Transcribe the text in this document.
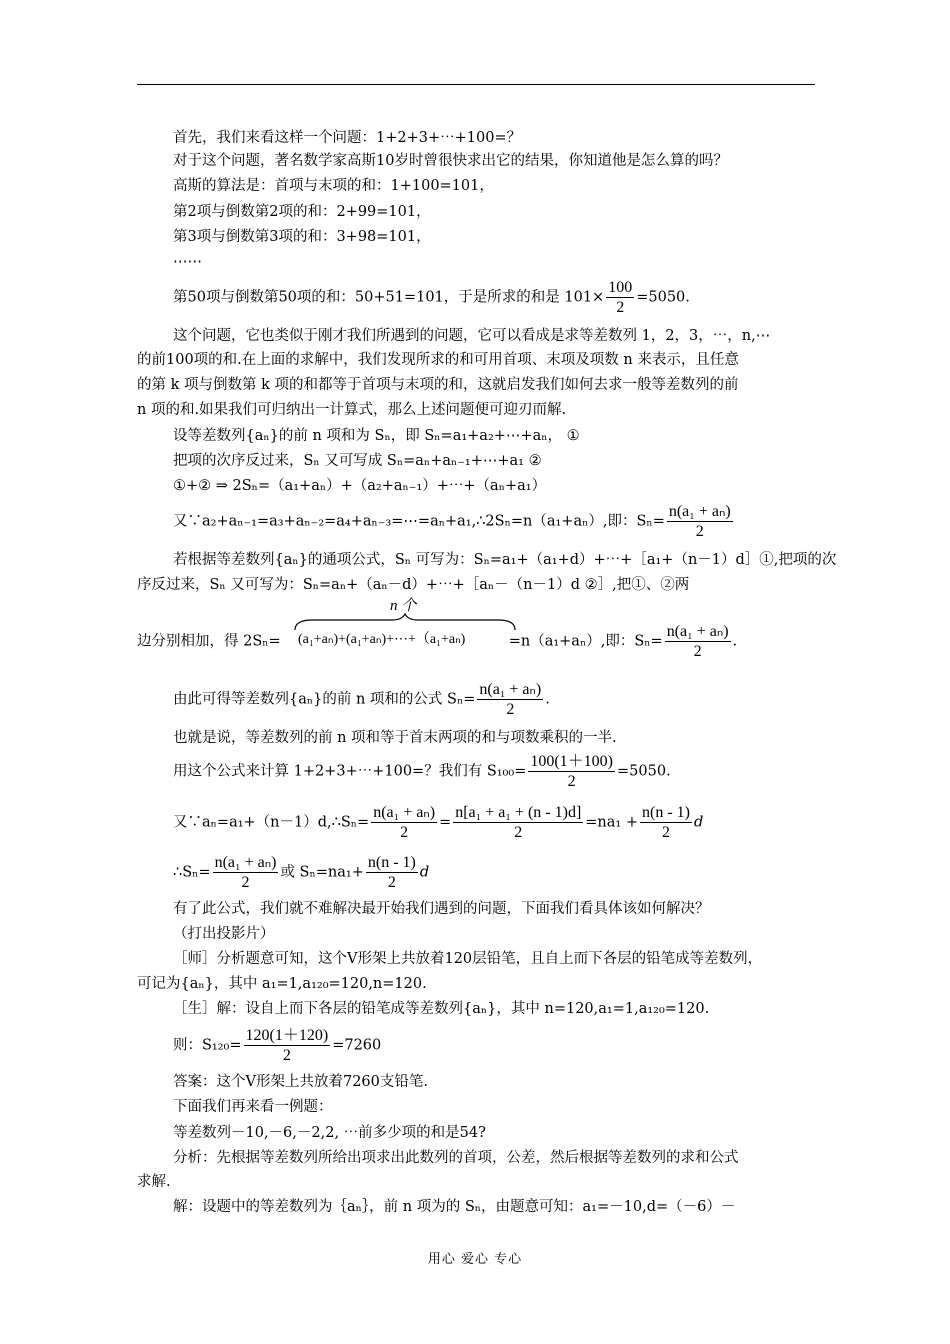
首先，我们来看这样一个问题：1+2+3+⋯+100=？
对于这个问题，著名数学家高斯10岁时曾很快求出它的结果，你知道他是怎么算的吗？
高斯的算法是：首项与末项的和：1+100=101，
第2项与倒数第2项的和：2+99=101，
第3项与倒数第3项的和：3+98=101，
⋯⋯
第50项与倒数第50项的和：50+51=101，于是所求的和是 $101\times \frac{100}{2} =5050$.
这个问题，它也类似于刚才我们所遇到的问题，它可以看成是求等差数列 1，2，3，⋯，n,⋯
的前100项的和.在上面的求解中，我们发现所求的和可用首项、末项及项数 n 来表示，且任意
的第 k 项与倒数第 k 项的和都等于首项与末项的和，这就启发我们如何去求一般等差数列的前
n 项的和.如果我们可归纳出一计算式，那么上述问题便可迎刃而解.
设等差数列{aₙ}的前 n 项和为 Sₙ，即 Sₙ=a₁+a₂+⋯+aₙ， ①
把项的次序反过来，Sₙ 又可写成 Sₙ=aₙ+aₙ₋₁+⋯+a₁ ②
①+② ⇒ 2Sₙ=（a₁+aₙ）+（a₂+aₙ₋₁）+⋯+（aₙ+a₁）
又∵a₂+aₙ₋₁=a₃+aₙ₋₂=a₄+aₙ₋₃=⋯=aₙ+a₁,∴2Sₙ=n（a₁+aₙ）,即：$S_n= \frac{\text{n(a₁ + aₙ)}}{2}$
若根据等差数列{aₙ}的通项公式，Sₙ 可写为：Sₙ=a₁+（a₁+d）+⋯+［a₁+（n－1）d］①,把项的次
序反过来，Sₙ 又可写为：Sₙ=aₙ+（aₙ－d）+⋯+［aₙ－（n－1）d ②］,把①、②两
n 个
(a₁+aₙ)+(a₁+aₙ)+⋯+（a₁+aₙ)
边分别相加，得 2Sₙ=	=n（a₁+aₙ）,即：$S_n= \frac{\text{n(a₁ + aₙ)}}{2}$ .
由此可得等差数列{aₙ}的前 n 项和的公式 $S_n= \frac{\text{n(a₁ + aₙ)}}{2}$ .
也就是说，等差数列的前 n 项和等于首末两项的和与项数乘积的一半.
用这个公式来计算 1+2+3+⋯+100=？我们有 $S_{100}= \frac{100(1+100)}{2} =5050$.
又∵aₙ=a₁+（n－1）d,∴Sₙ= $\frac{\text{n(a₁ + aₙ)}}{2} = \frac{\text{n[a₁ + a₁ + (n - 1)d]}}{2} =na_1 + \frac{n(n - 1)}{2}$ d
∴Sₙ= $\frac{\text{n(a₁ + aₙ)}}{2}$ 或 $S_n=na_1+ \frac{n(n - 1)}{2}$ d
有了此公式，我们就不难解决最开始我们遇到的问题，下面我们看具体该如何解决？
（打出投影片）
［师］分析题意可知，这个V形架上共放着120层铅笔，且自上而下各层的铅笔成等差数列，
可记为{aₙ}，其中 a₁=1,a₁₂₀=120,n=120.
［生］解：设自上而下各层的铅笔成等差数列{aₙ}，其中 n=120,a₁=1,a₁₂₀=120.
则：$S_{120}= \frac{120(1+120)}{2} =7260$
答案：这个V形架上共放着7260支铅笔.
下面我们再来看一例题：
等差数列－10,－6,－2,2, ⋯前多少项的和是54?
分析：先根据等差数列所给出项求出此数列的首项，公差，然后根据等差数列的求和公式
求解.
解：设题中的等差数列为｛aₙ｝，前 n 项为的 Sₙ，由题意可知：a₁=－10,d=（－6）－
用心 爱心 专心
